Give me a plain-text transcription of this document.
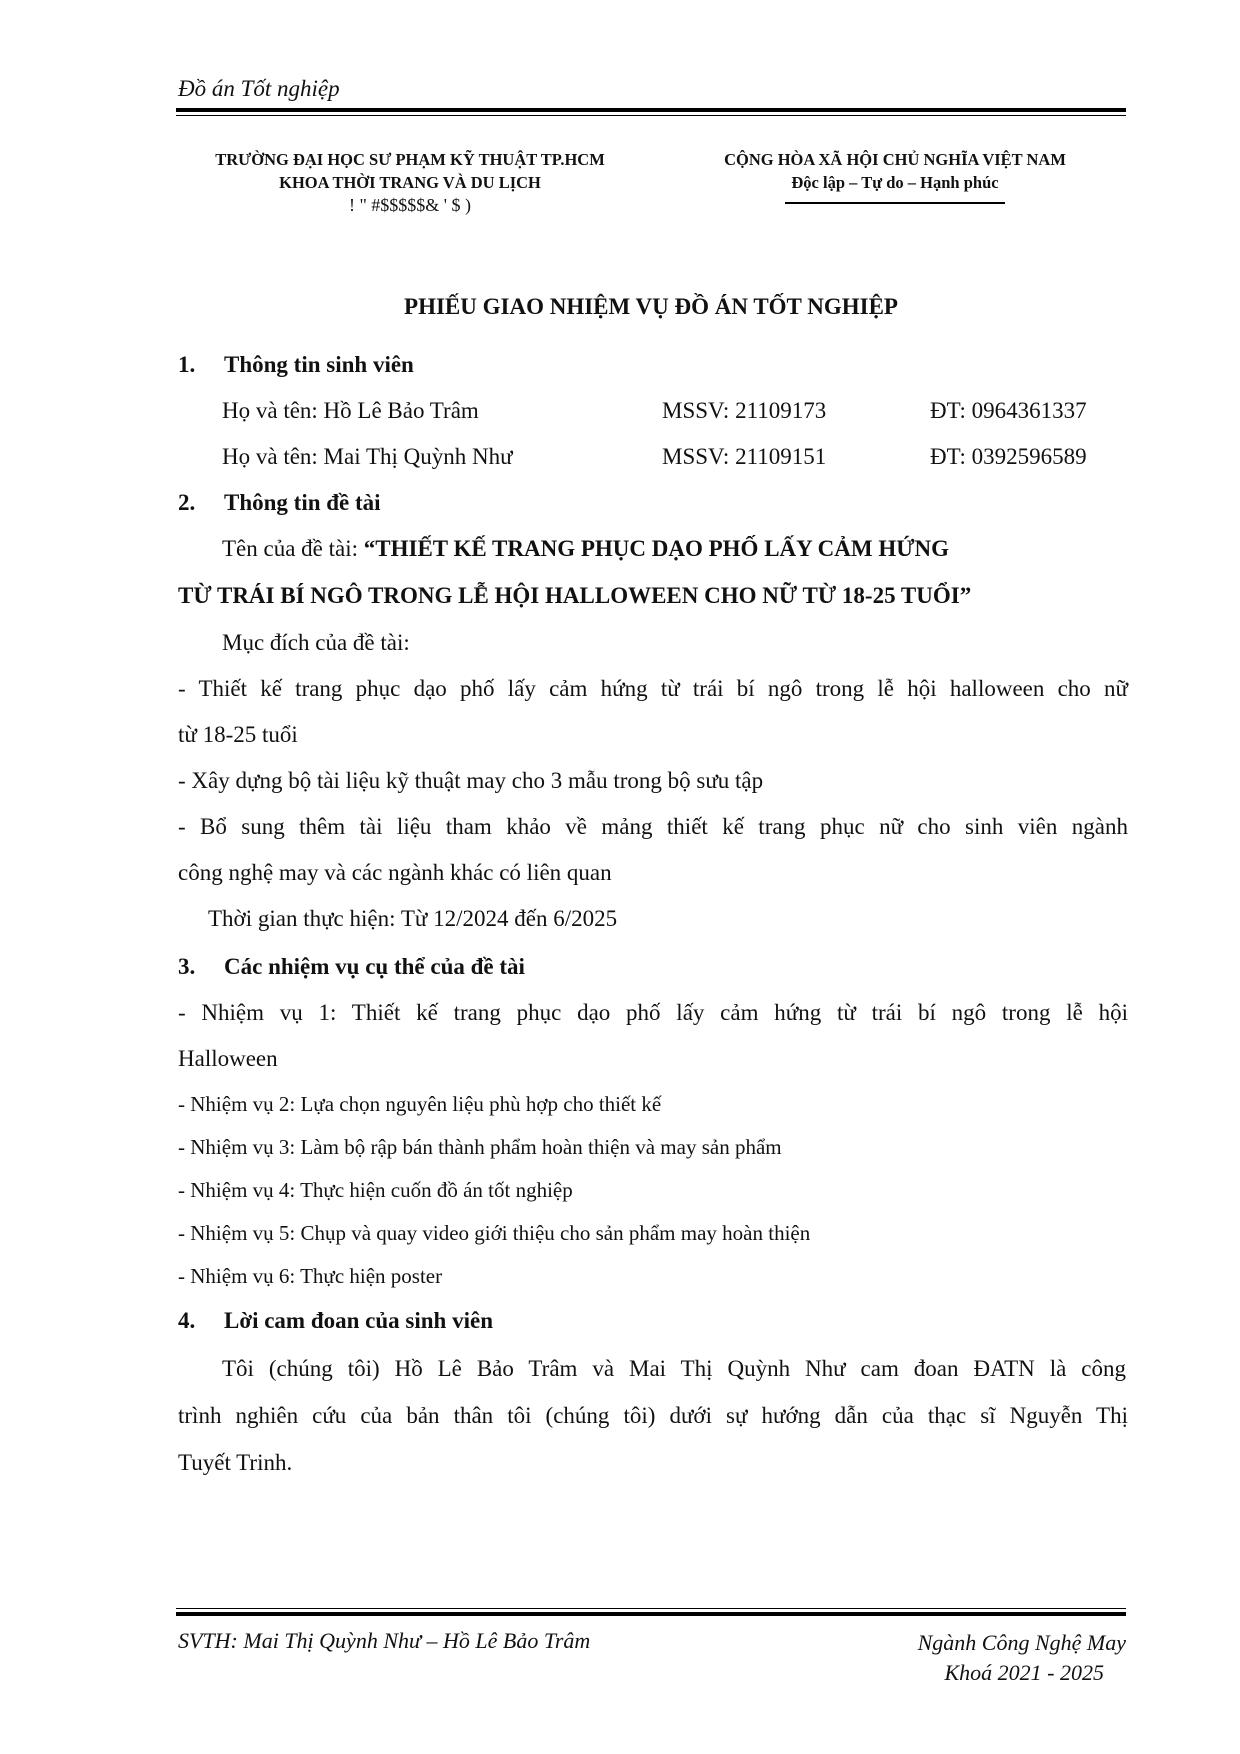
Đồ án Tốt nghiệp
TRƯỜNG ĐẠI HỌC SƯ PHẠM KỸ THUẬT TP.HCM
KHOA THỜI TRANG VÀ DU LỊCH
! " #$$$$$& ' $ )
CỘNG HÒA XÃ HỘI CHỦ NGHĨA VIỆT NAM
Độc lập – Tự do – Hạnh phúc
PHIẾU GIAO NHIỆM VỤ ĐỒ ÁN TỐT NGHIỆP
1. Thông tin sinh viên
Họ và tên: Hồ Lê Bảo Trâm	MSSV: 21109173	ĐT: 0964361337
Họ và tên: Mai Thị Quỳnh Như	MSSV: 21109151	ĐT: 0392596589
2. Thông tin đề tài
Tên của đề tài: “THIẾT KẾ TRANG PHỤC DẠO PHỐ LẤY CẢM HỨNG
TỪ TRÁI BÍ NGÔ TRONG LỄ HỘI HALLOWEEN CHO NỮ TỪ 18-25 TUỔI”
Mục đích của đề tài:
- Thiết kế trang phục dạo phố lấy cảm hứng từ trái bí ngô trong lễ hội halloween cho nữ
từ 18-25 tuổi
- Xây dựng bộ tài liệu kỹ thuật may cho 3 mẫu trong bộ sưu tập
- Bổ sung thêm tài liệu tham khảo về mảng thiết kế trang phục nữ cho sinh viên ngành
công nghệ may và các ngành khác có liên quan
Thời gian thực hiện: Từ 12/2024 đến 6/2025
3. Các nhiệm vụ cụ thể của đề tài
- Nhiệm vụ 1: Thiết kế trang phục dạo phố lấy cảm hứng từ trái bí ngô trong lễ hội
Halloween
- Nhiệm vụ 2: Lựa chọn nguyên liệu phù hợp cho thiết kế
- Nhiệm vụ 3: Làm bộ rập bán thành phẩm hoàn thiện và may sản phẩm
- Nhiệm vụ 4: Thực hiện cuốn đồ án tốt nghiệp
- Nhiệm vụ 5: Chụp và quay video giới thiệu cho sản phẩm may hoàn thiện
- Nhiệm vụ 6: Thực hiện poster
4. Lời cam đoan của sinh viên
Tôi (chúng tôi) Hồ Lê Bảo Trâm và Mai Thị Quỳnh Như cam đoan ĐATN là công
trình nghiên cứu của bản thân tôi (chúng tôi) dưới sự hướng dẫn của thạc sĩ Nguyễn Thị
Tuyết Trinh.
SVTH: Mai Thị Quỳnh Như – Hồ Lê Bảo Trâm	Ngành Công Nghệ May
Khoá 2021 - 2025
